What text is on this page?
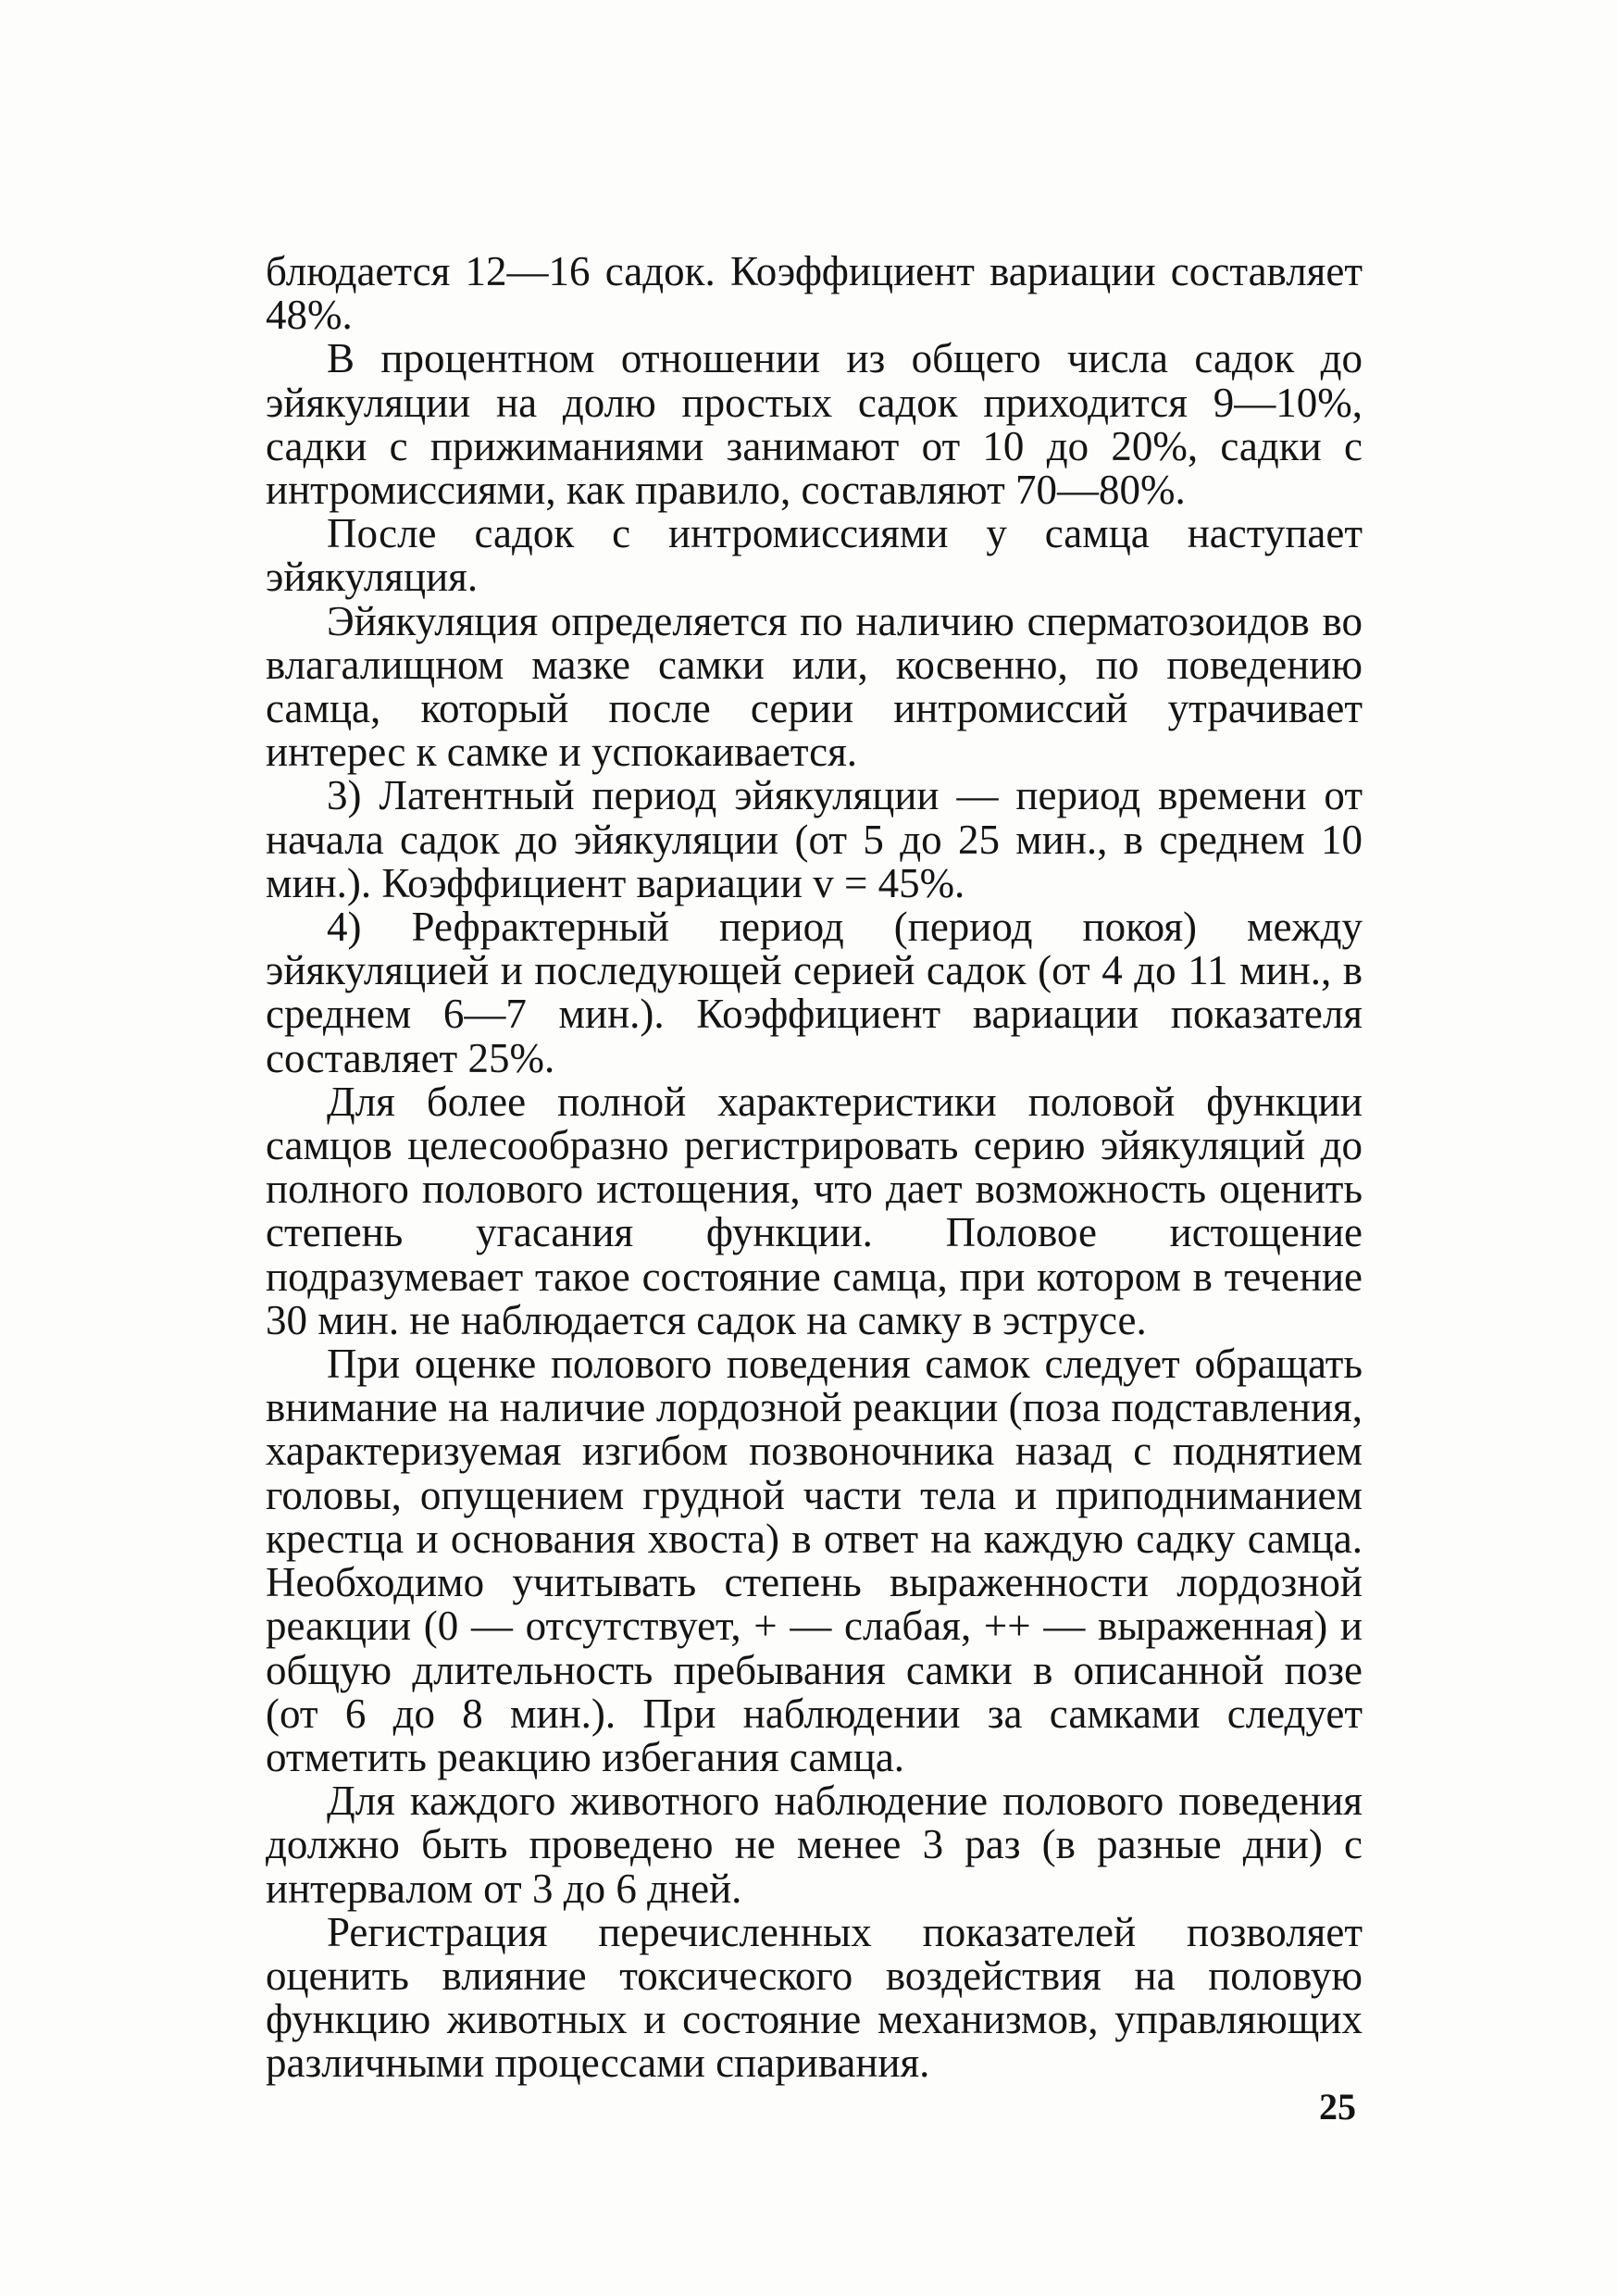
блюдается 12—16 садок. Коэффициент вариации составляет 48%.

В процентном отношении из общего числа садок до эйякуляции на долю простых садок приходится 9—10%, садки с прижиманиями занимают от 10 до 20%, садки с интромиссиями, как правило, составляют 70—80%.

После садок с интромиссиями у самца наступает эйякуляция.

Эйякуляция определяется по наличию сперматозоидов во влагалищном мазке самки или, косвенно, по поведению самца, который после серии интромиссий утрачивает интерес к самке и успокаивается.

3) Латентный период эйякуляции — период времени от начала садок до эйякуляции (от 5 до 25 мин., в среднем 10 мин.). Коэффициент вариации v = 45%.

4) Рефрактерный период (период покоя) между эйякуляцией и последующей серией садок (от 4 до 11 мин., в среднем 6—7 мин.). Коэффициент вариации показателя составляет 25%.

Для более полной характеристики половой функции самцов целесообразно регистрировать серию эйякуляций до полного полового истощения, что дает возможность оценить степень угасания функции. Половое истощение подразумевает такое состояние самца, при котором в течение 30 мин. не наблюдается садок на самку в эструсе.

При оценке полового поведения самок следует обращать внимание на наличие лордозной реакции (поза подставления, характеризуемая изгибом позвоночника назад с поднятием головы, опущением грудной части тела и приподниманием крестца и основания хвоста) в ответ на каждую садку самца. Необходимо учитывать степень выраженности лордозной реакции (0 — отсутствует, + — слабая, ++ — выраженная) и общую длительность пребывания самки в описанной позе (от 6 до 8 мин.). При наблюдении за самками следует отметить реакцию избегания самца.

Для каждого животного наблюдение полового поведения должно быть проведено не менее 3 раз (в разные дни) с интервалом от 3 до 6 дней.

Регистрация перечисленных показателей позволяет оценить влияние токсического воздействия на половую функцию животных и состояние механизмов, управляющих различными процессами спаривания.

25
